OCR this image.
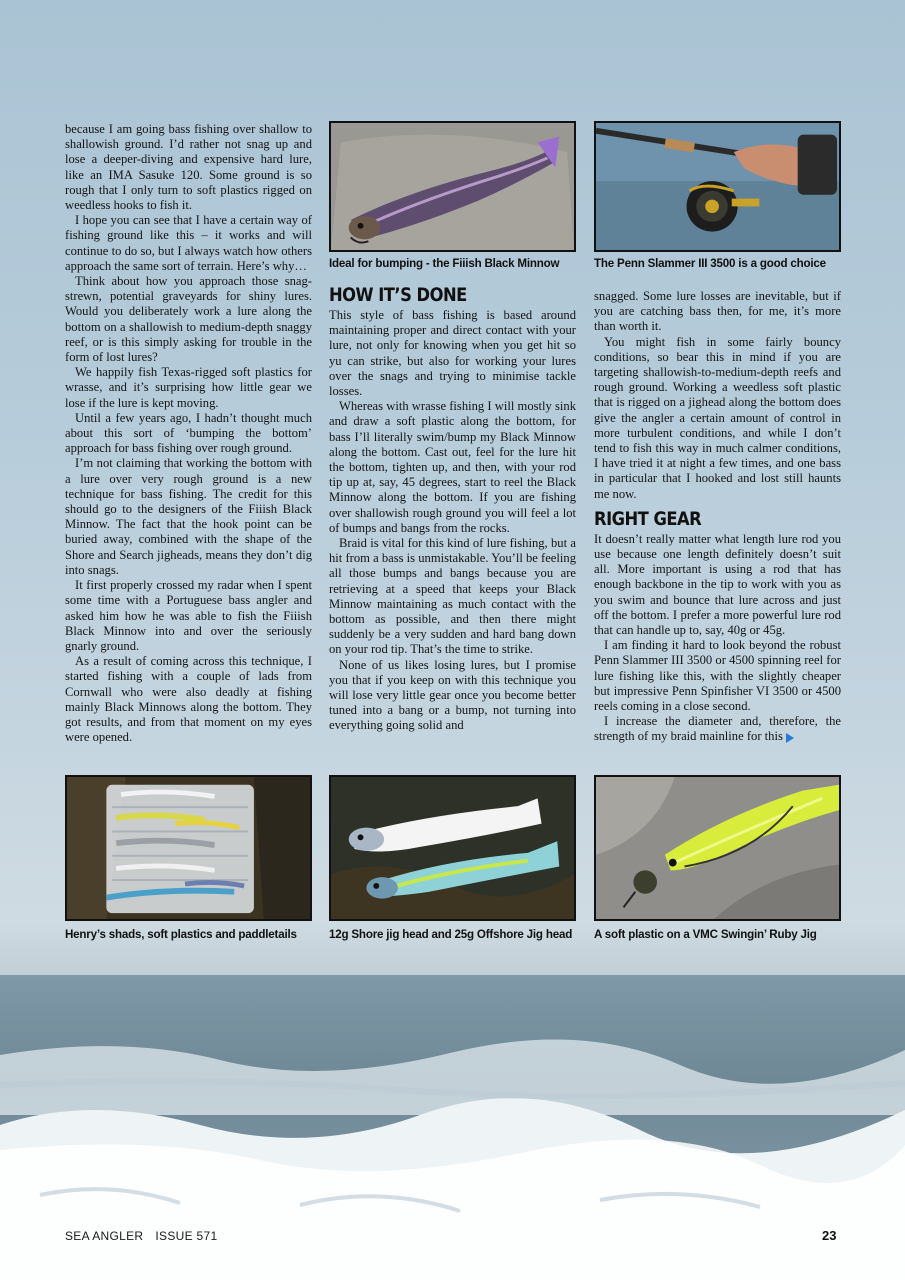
because I am going bass fishing over shallow to shallowish ground. I’d rather not snag up and lose a deeper-diving and expensive hard lure, like an IMA Sasuke 120. Some ground is so rough that I only turn to soft plastics rigged on weedless hooks to fish it.

I hope you can see that I have a certain way of fishing ground like this – it works and will continue to do so, but I always watch how others approach the same sort of terrain. Here’s why…

Think about how you approach those snag-strewn, potential graveyards for shiny lures. Would you deliberately work a lure along the bottom on a shallowish to medium-depth snaggy reef, or is this simply asking for trouble in the form of lost lures?

We happily fish Texas-rigged soft plastics for wrasse, and it’s surprising how little gear we lose if the lure is kept moving.

Until a few years ago, I hadn’t thought much about this sort of ‘bumping the bottom’ approach for bass fishing over rough ground.

I’m not claiming that working the bottom with a lure over very rough ground is a new technique for bass fishing. The credit for this should go to the designers of the Fiiish Black Minnow. The fact that the hook point can be buried away, combined with the shape of the Shore and Search jigheads, means they don’t dig into snags.

It first properly crossed my radar when I spent some time with a Portuguese bass angler and asked him how he was able to fish the Fiiish Black Minnow into and over the seriously gnarly ground.

As a result of coming across this technique, I started fishing with a couple of lads from Cornwall who were also deadly at fishing mainly Black Minnows along the bottom. They got results, and from that moment on my eyes were opened.

Ideal for bumping - the Fiiish Black Minnow	The Penn Slammer III 3500 is a good choice
HOW IT’S DONE

This style of bass fishing is based around maintaining proper and direct contact with your lure, not only for knowing when you get hit so yu can strike, but also for working your lures over the snags and trying to minimise tackle losses.

Whereas with wrasse fishing I will mostly sink and draw a soft plastic along the bottom, for bass I’ll literally swim/bump my Black Minnow along the bottom. Cast out, feel for the lure hit the bottom, tighten up, and then, with your rod tip up at, say, 45 degrees, start to reel the Black Minnow along the bottom. If you are fishing over shallowish rough ground you will feel a lot of bumps and bangs from the rocks.

Braid is vital for this kind of lure fishing, but a hit from a bass is unmistakable. You’ll be feeling all those bumps and bangs because you are retrieving at a speed that keeps your Black Minnow maintaining as much contact with the bottom as possible, and then there might suddenly be a very sudden and hard bang down on your rod tip. That’s the time to strike.

None of us likes losing lures, but I promise you that if you keep on with this technique you will lose very little gear once you become better tuned into a bang or a bump, not turning into everything going solid and

snagged. Some lure losses are inevitable, but if you are catching bass then, for me, it’s more than worth it.

You might fish in some fairly bouncy conditions, so bear this in mind if you are targeting shallowish-to-medium-depth reefs and rough ground. Working a weedless soft plastic that is rigged on a jighead along the bottom does give the angler a certain amount of control in more turbulent conditions, and while I don’t tend to fish this way in much calmer conditions, I have tried it at night a few times, and one bass in particular that I hooked and lost still haunts me now.

RIGHT GEAR

It doesn’t really matter what length lure rod you use because one length definitely doesn’t suit all. More important is using a rod that has enough backbone in the tip to work with you as you swim and bounce that lure across and just off the bottom. I prefer a more powerful lure rod that can handle up to, say, 40g or 45g.

I am finding it hard to look beyond the robust Penn Slammer III 3500 or 4500 spinning reel for lure fishing like this, with the slightly cheaper but impressive Penn Spinfisher VI 3500 or 4500 reels coming in a close second.

I increase the diameter and, therefore, the strength of my braid mainline for this

Henry’s shads, soft plastics and paddletails	12g Shore jig head and 25g Offshore Jig head A soft plastic on a VMC Swingin’ Ruby Jig
SEA ANGLER ISSUE 571	23
